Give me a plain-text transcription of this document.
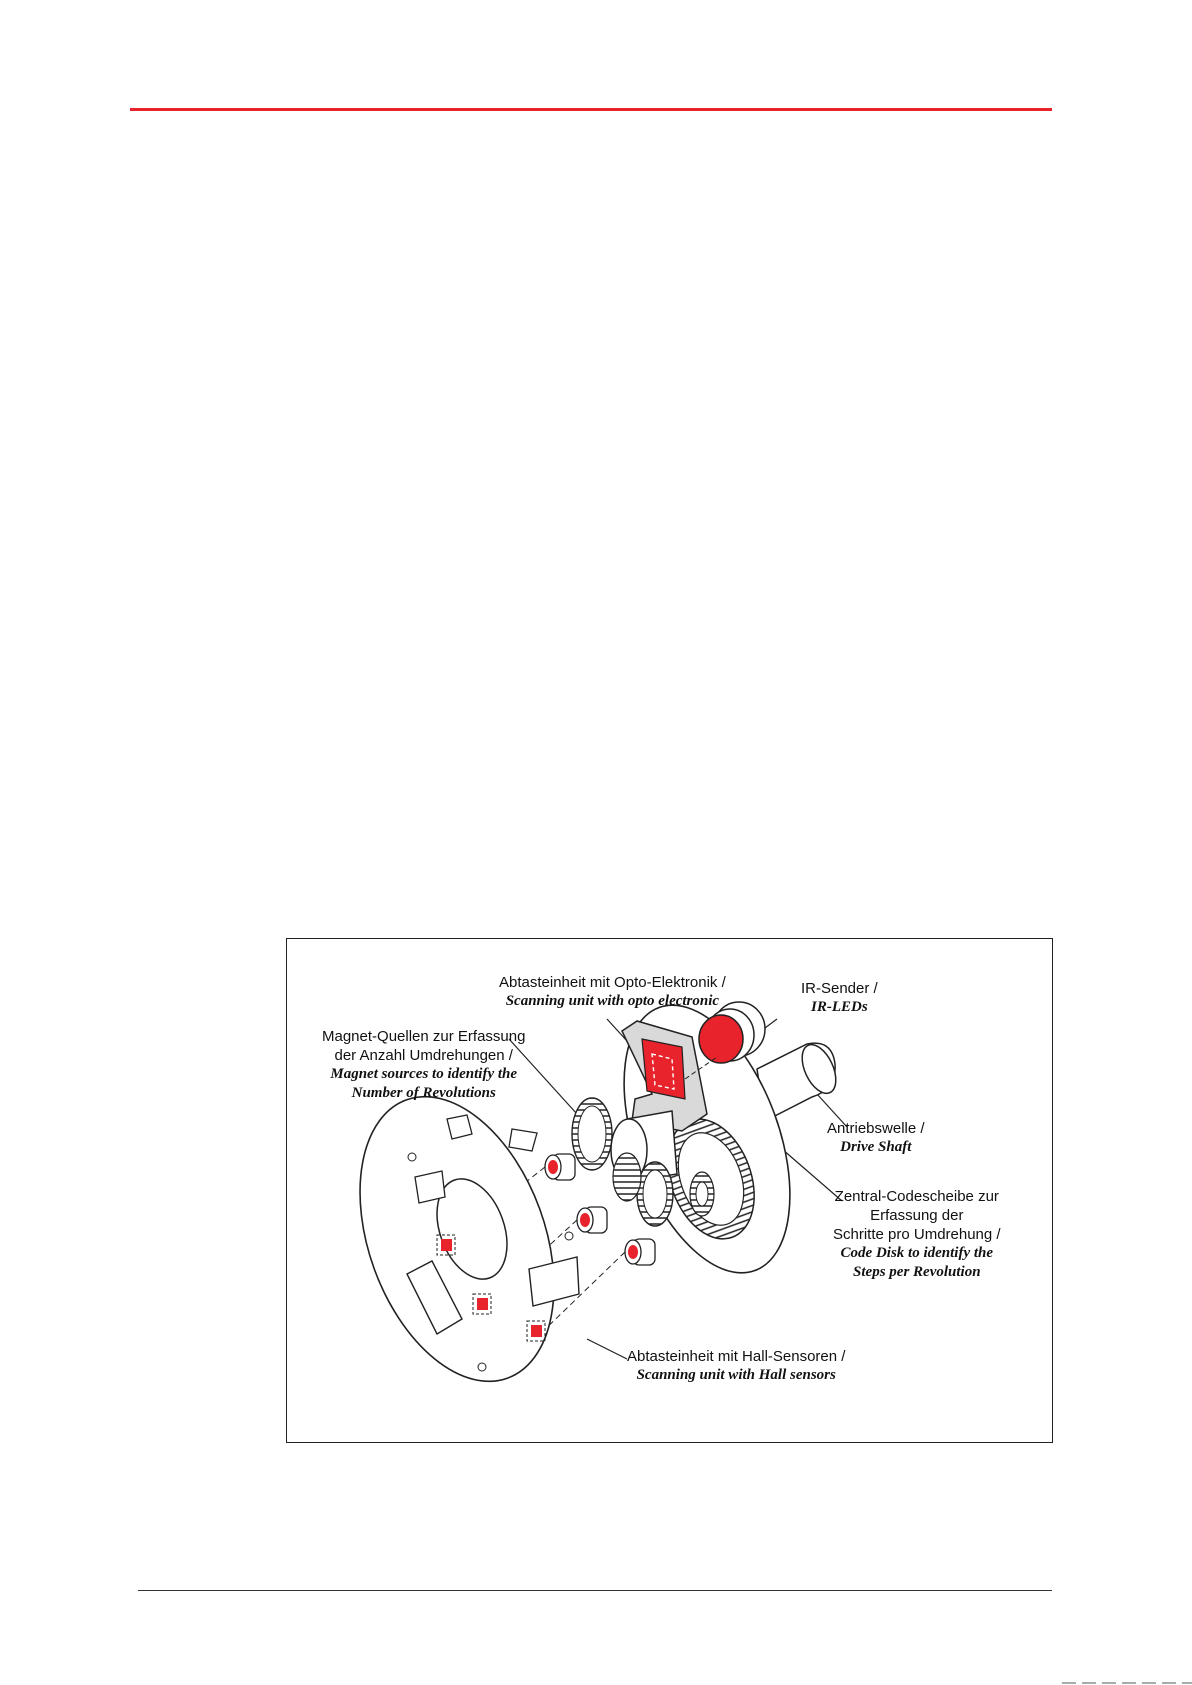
Abtasteinheit mit Opto-Elektronik /
Scanning unit with opto electronic
IR-Sender /
IR-LEDs
Magnet-Quellen zur Erfassung
der Anzahl Umdrehungen /
Magnet sources to identify the
Number of Revolutions
Antriebswelle /
Drive Shaft
Zentral-Codescheibe zur
Erfassung der
Schritte pro Umdrehung /
Code Disk to identify the
Steps per Revolution
Abtasteinheit mit Hall-Sensoren /
Scanning unit with Hall sensors
